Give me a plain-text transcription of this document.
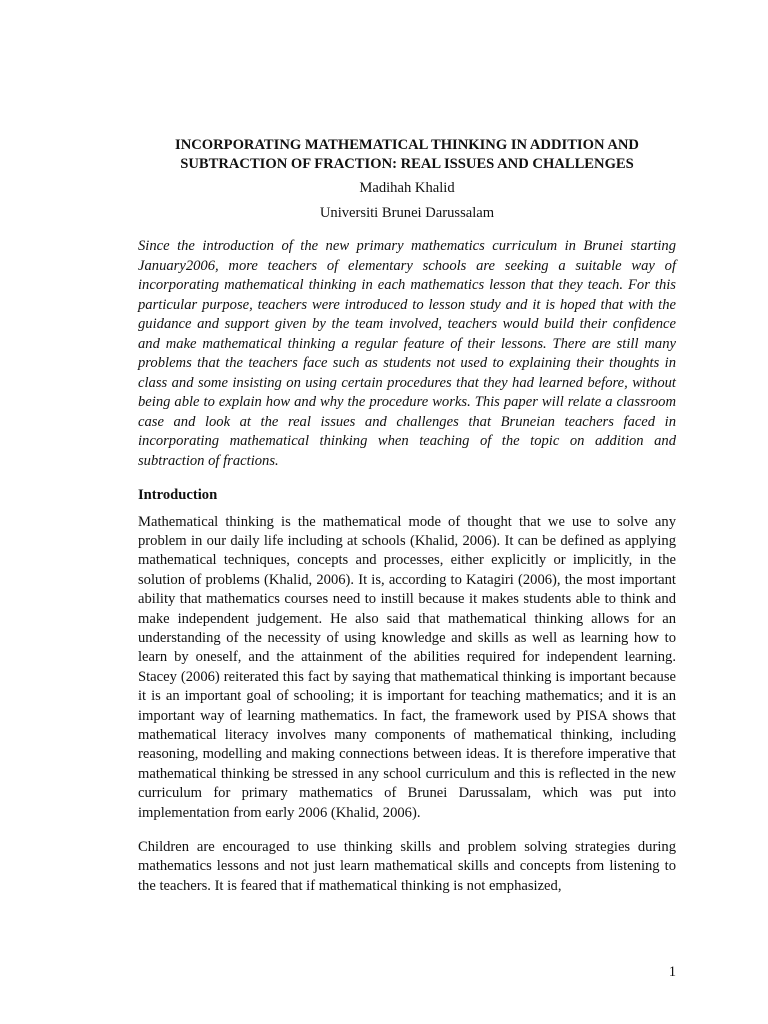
INCORPORATING MATHEMATICAL THINKING IN ADDITION AND
SUBTRACTION OF FRACTION: REAL ISSUES AND CHALLENGES

Madihah Khalid

Universiti Brunei Darussalam

Since the introduction of the new primary mathematics curriculum in Brunei starting January2006, more teachers of elementary schools are seeking a suitable way of incorporating mathematical thinking in each mathematics lesson that they teach. For this particular purpose, teachers were introduced to lesson study and it is hoped that with the guidance and support given by the team involved, teachers would build their confidence and make mathematical thinking a regular feature of their lessons. There are still many problems that the teachers face such as students not used to explaining their thoughts in class and some insisting on using certain procedures that they had learned before, without being able to explain how and why the procedure works. This paper will relate a classroom case and look at the real issues and challenges that Bruneian teachers faced in incorporating mathematical thinking when teaching of the topic on addition and subtraction of fractions.

Introduction

Mathematical thinking is the mathematical mode of thought that we use to solve any problem in our daily life including at schools (Khalid, 2006). It can be defined as applying mathematical techniques, concepts and processes, either explicitly or implicitly, in the solution of problems (Khalid, 2006). It is, according to Katagiri (2006), the most important ability that mathematics courses need to instill because it makes students able to think and make independent judgement. He also said that mathematical thinking allows for an understanding of the necessity of using knowledge and skills as well as learning how to learn by oneself, and the attainment of the abilities required for independent learning. Stacey (2006) reiterated this fact by saying that mathematical thinking is important because it is an important goal of schooling; it is important for teaching mathematics; and it is an important way of learning mathematics. In fact, the framework used by PISA shows that mathematical literacy involves many components of mathematical thinking, including reasoning, modelling and making connections between ideas. It is therefore imperative that mathematical thinking be stressed in any school curriculum and this is reflected in the new curriculum for primary mathematics of Brunei Darussalam, which was put into implementation from early 2006 (Khalid, 2006).

Children are encouraged to use thinking skills and problem solving strategies during mathematics lessons and not just learn mathematical skills and concepts from listening to the teachers. It is feared that if mathematical thinking is not emphasized,

1
